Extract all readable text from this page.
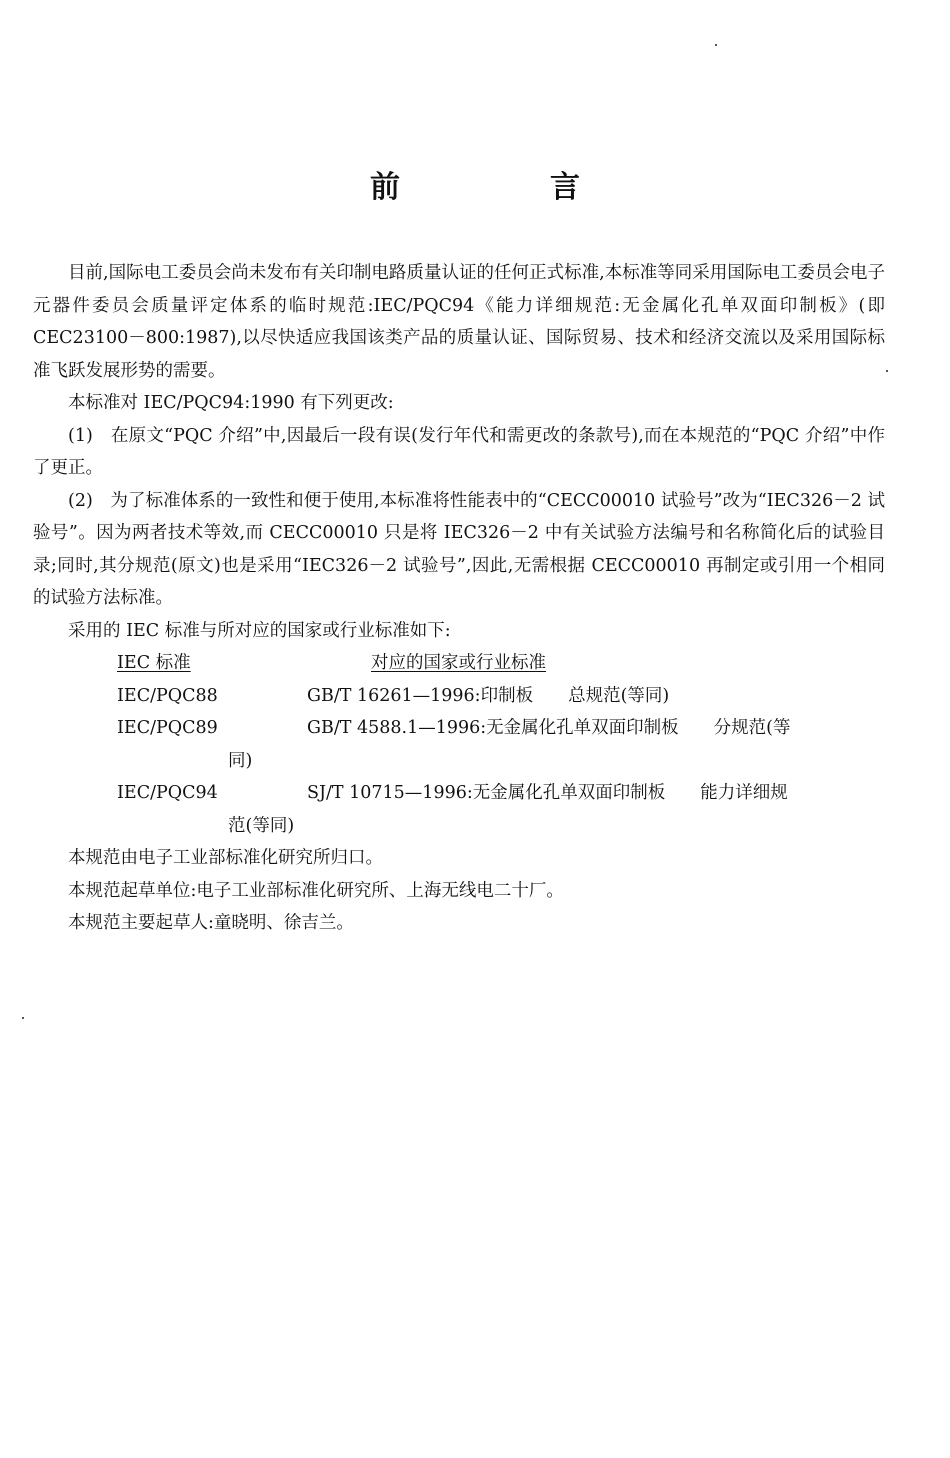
前　言

目前,国际电工委员会尚未发布有关印制电路质量认证的任何正式标准,本标准等同采用国际电工委员会电子元器件委员会质量评定体系的临时规范:IEC/PQC94《能力详细规范:无金属化孔单双面印制板》(即 CEC23100－800:1987),以尽快适应我国该类产品的质量认证、国际贸易、技术和经济交流以及采用国际标准飞跃发展形势的需要。

本标准对 IEC/PQC94:1990 有下列更改:

(1)　在原文“PQC 介绍”中,因最后一段有误(发行年代和需更改的条款号),而在本规范的“PQC 介绍”中作了更正。

(2)　为了标准体系的一致性和便于使用,本标准将性能表中的“CECC00010 试验号”改为“IEC326－2 试验号”。因为两者技术等效,而 CECC00010 只是将 IEC326－2 中有关试验方法编号和名称简化后的试验目录;同时,其分规范(原文)也是采用“IEC326－2 试验号”,因此,无需根据 CECC00010 再制定或引用一个相同的试验方法标准。

采用的 IEC 标准与所对应的国家或行业标准如下:

IEC 标准	对应的国家或行业标准
IEC/PQC88	GB/T 16261—1996:印制板　　总规范(等同)
IEC/PQC89	GB/T 4588.1—1996:无金属化孔单双面印制板　　分规范(等
同)
IEC/PQC94	SJ/T 10715—1996:无金属化孔单双面印制板　　能力详细规
范(等同)

本规范由电子工业部标准化研究所归口。

本规范起草单位:电子工业部标准化研究所、上海无线电二十厂。

本规范主要起草人:童晓明、徐吉兰。
